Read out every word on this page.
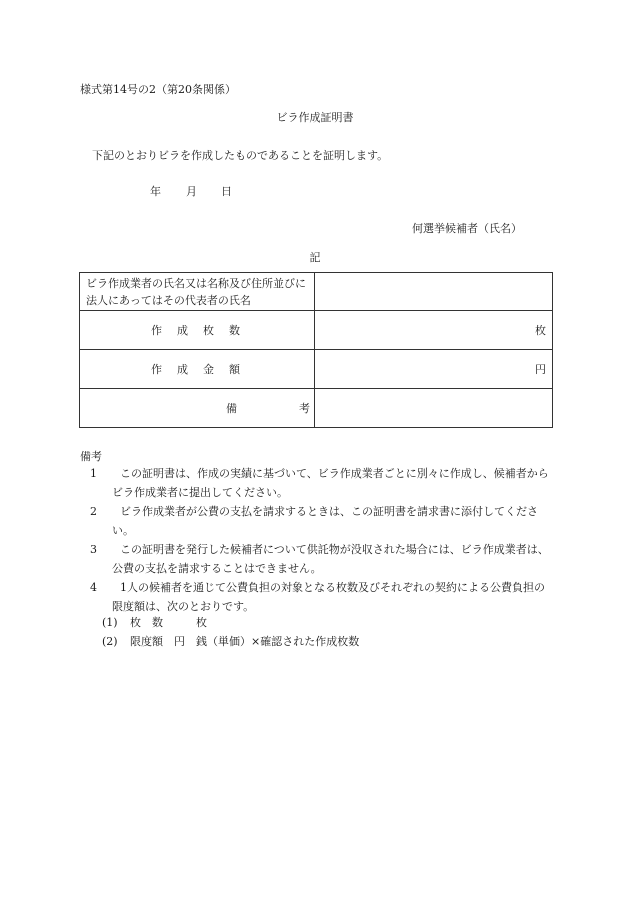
様式第14号の2（第20条関係）
ビラ作成証明書
下記のとおりビラを作成したものであることを証明します。
年 月 日
何選挙候補者（氏名）
記
ビラ作成業者の氏名又は名称及び住所並びに法人にあってはその代表者の氏名	
作成枚数	枚
作成金額	円
備 考	
備考
1	この証明書は、作成の実績に基づいて、ビラ作成業者ごとに別々に作成し、候補者からビラ作成業者に提出してください。
2	ビラ作成業者が公費の支払を請求するときは、この証明書を請求書に添付してください。
3	この証明書を発行した候補者について供託物が没収された場合には、ビラ作成業者は、公費の支払を請求することはできません。
4	1人の候補者を通じて公費負担の対象となる枚数及びそれぞれの契約による公費負担の限度額は、次のとおりです。
(1) 枚　数　　　枚
(2) 限度額　円　銭（単価）×確認された作成枚数
